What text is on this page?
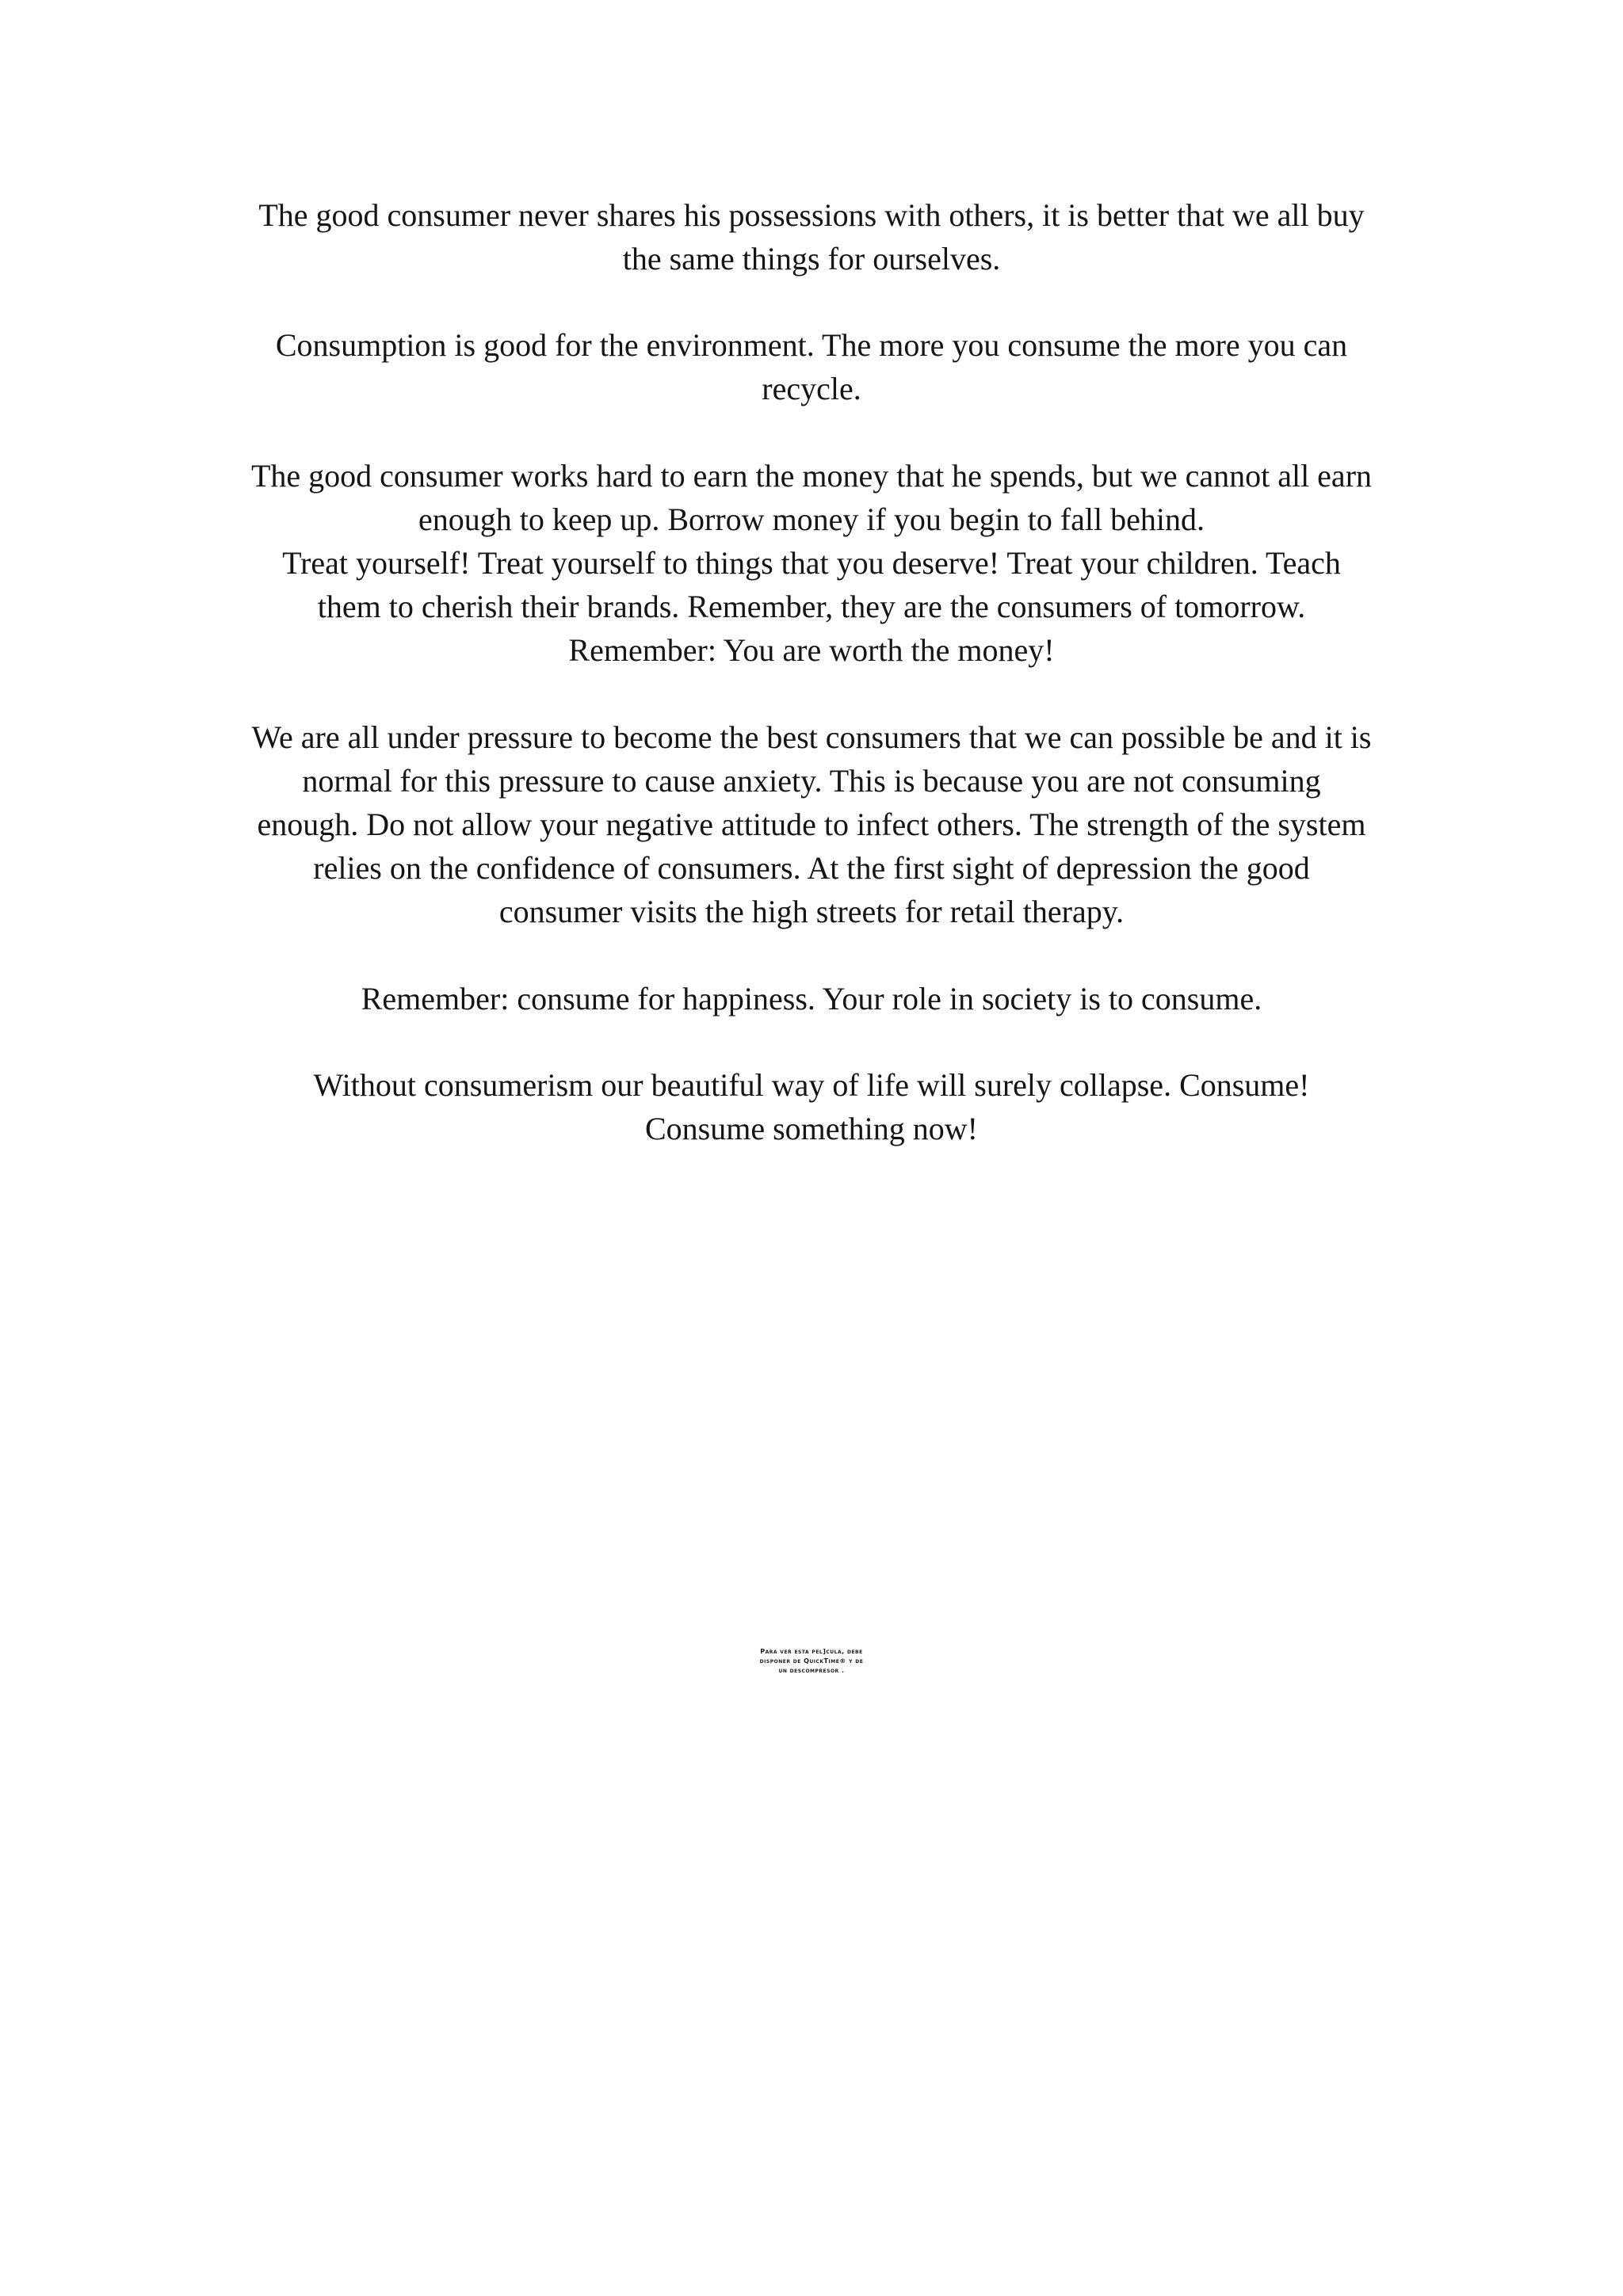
The good consumer never shares his possessions with others, it is better that we all buy
the same things for ourselves.

Consumption is good for the environment. The more you consume the more you can
recycle.

The good consumer works hard to earn the money that he spends, but we cannot all earn
enough to keep up. Borrow money if you begin to fall behind.
Treat yourself! Treat yourself to things that you deserve! Treat your children. Teach
them to cherish their brands. Remember, they are the consumers of tomorrow.
Remember: You are worth the money!

We are all under pressure to become the best consumers that we can possible be and it is
normal for this pressure to cause anxiety. This is because you are not consuming
enough. Do not allow your negative attitude to infect others. The strength of the system
relies on the confidence of consumers. At the first sight of depression the good
consumer visits the high streets for retail therapy.

Remember: consume for happiness. Your role in society is to consume.

Without consumerism our beautiful way of life will surely collapse. Consume!
Consume something now!

Para ver esta pel]cula, debe
disponer de QuickTime® y de
un descompresor .
